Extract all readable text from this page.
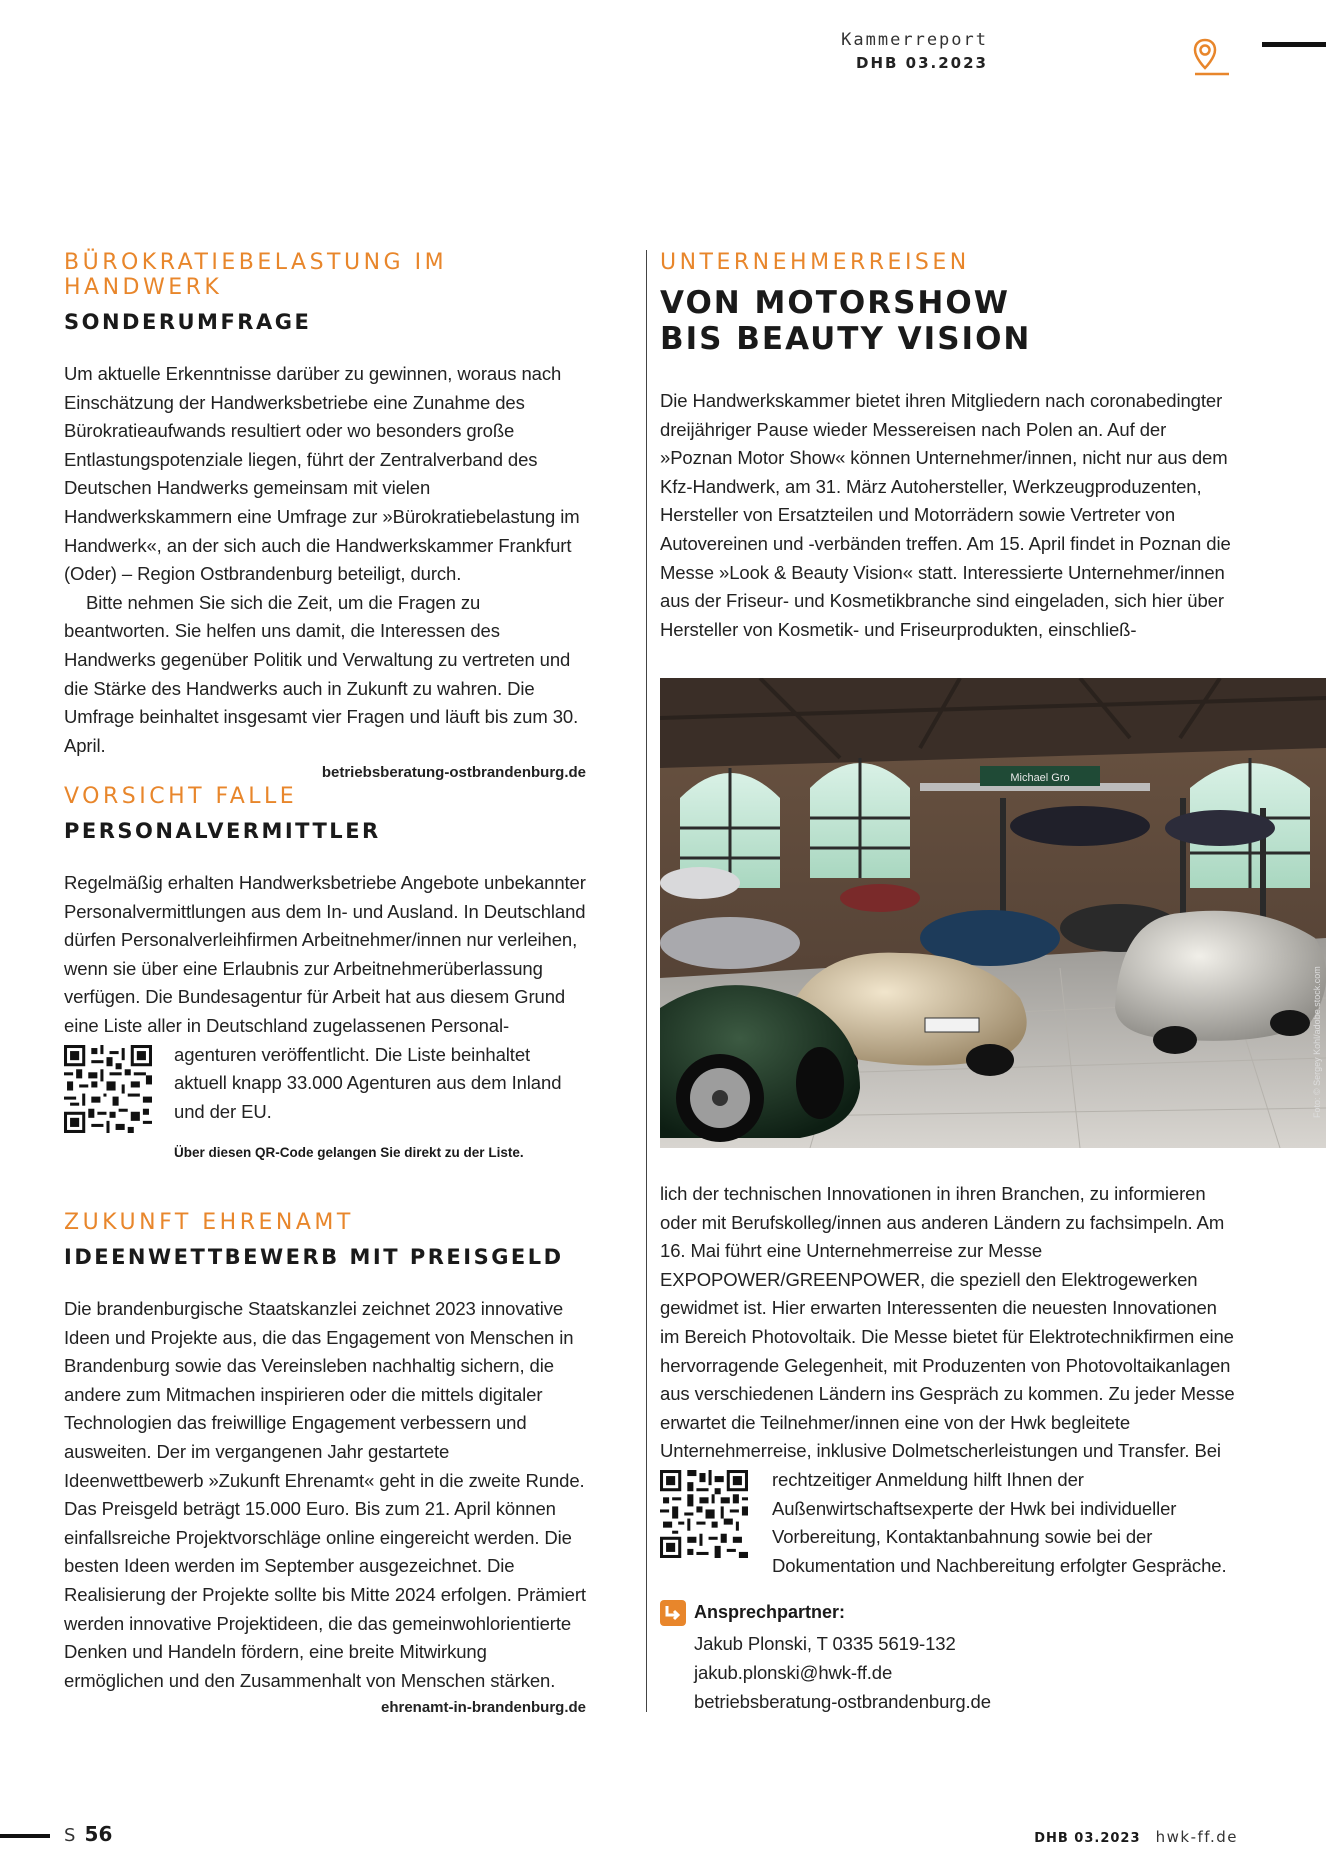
Kammerreport
DHB 03.2023
BÜROKRATIEBELASTUNG IM HANDWERK
SONDERUMFRAGE

Um aktuelle Erkenntnisse darüber zu gewinnen, woraus nach Einschätzung der Handwerksbetriebe eine Zunahme des Bürokratieaufwands resultiert oder wo besonders große Entlastungspotenziale liegen, führt der Zentralverband des Deutschen Handwerks gemeinsam mit vielen Handwerkskammern eine Umfrage zur »Bürokratiebelastung im Handwerk«, an der sich auch die Handwerkskammer Frankfurt (Oder) – Region Ostbrandenburg beteiligt, durch.

Bitte nehmen Sie sich die Zeit, um die Fragen zu beantworten. Sie helfen uns damit, die Interessen des Handwerks gegenüber Politik und Verwaltung zu vertreten und die Stärke des Handwerks auch in Zukunft zu wahren. Die Umfrage beinhaltet insgesamt vier Fragen und läuft bis zum 30. April.

betriebsberatung-ostbrandenburg.de

VORSICHT FALLE
PERSONALVERMITTLER

Regelmäßig erhalten Handwerksbetriebe Angebote unbekannter Personalvermittlungen aus dem In- und Ausland. In Deutschland dürfen Personalverleihfirmen Arbeitnehmer/innen nur verleihen, wenn sie über eine Erlaubnis zur Arbeitnehmerüberlassung verfügen. Die Bundesagentur für Arbeit hat aus diesem Grund eine Liste aller in Deutschland zugelassenen Personal-

agenturen veröffentlicht. Die Liste beinhaltet aktuell knapp 33.000 Agenturen aus dem Inland und der EU.

Über diesen QR-Code gelangen Sie direkt zu der Liste.

ZUKUNFT EHRENAMT
IDEENWETTBEWERB MIT PREISGELD

Die brandenburgische Staatskanzlei zeichnet 2023 innovative Ideen und Projekte aus, die das Engagement von Menschen in Brandenburg sowie das Vereinsleben nachhaltig sichern, die andere zum Mitmachen inspirieren oder die mittels digitaler Technologien das freiwillige Engagement verbessern und ausweiten. Der im vergangenen Jahr gestartete Ideenwettbewerb »Zukunft Ehrenamt« geht in die zweite Runde. Das Preisgeld beträgt 15.000 Euro. Bis zum 21. April können einfallsreiche Projektvorschläge online eingereicht werden. Die besten Ideen werden im September ausgezeichnet. Die Realisierung der Projekte sollte bis Mitte 2024 erfolgen. Prämiert werden innovative Projektideen, die das gemeinwohlorientierte Denken und Handeln fördern, eine breite Mitwirkung ermöglichen und den Zusammenhalt von Menschen stärken.

ehrenamt-in-brandenburg.de

UNTERNEHMERREISEN
VON MOTORSHOW BIS BEAUTY VISION

Die Handwerkskammer bietet ihren Mitgliedern nach coronabedingter dreijähriger Pause wieder Messereisen nach Polen an. Auf der »Poznan Motor Show« können Unternehmer/innen, nicht nur aus dem Kfz-Handwerk, am 31. März Autohersteller, Werkzeugproduzenten, Hersteller von Ersatzteilen und Motorrädern sowie Vertreter von Autovereinen und -verbänden treffen. Am 15. April findet in Poznan die Messe »Look & Beauty Vision« statt. Interessierte Unternehmer/innen aus der Friseur- und Kosmetikbranche sind eingeladen, sich hier über Hersteller von Kosmetik- und Friseurprodukten, einschließ-

Michael Gro
Foto: © Sergey Kohl/adobe.stock.com

lich der technischen Innovationen in ihren Branchen, zu informieren oder mit Berufskolleg/innen aus anderen Ländern zu fachsimpeln. Am 16. Mai führt eine Unternehmerreise zur Messe EXPOPOWER/GREENPOWER, die speziell den Elektrogewerken gewidmet ist. Hier erwarten Interessenten die neuesten Innovationen im Bereich Photovoltaik. Die Messe bietet für Elektrotechnikfirmen eine hervorragende Gelegenheit, mit Produzenten von Photovoltaikanlagen aus verschiedenen Ländern ins Gespräch zu kommen. Zu jeder Messe erwartet die Teilnehmer/innen eine von der Hwk begleitete Unternehmerreise, inklusive Dolmetscherleistungen und Transfer. Bei

rechtzeitiger Anmeldung hilft Ihnen der Außenwirtschaftsexperte der Hwk bei individueller Vorbereitung, Kontaktanbahnung sowie bei der Dokumentation und Nachbereitung erfolgter Gespräche.

Ansprechpartner:
Jakub Plonski, T 0335 5619-132
jakub.plonski@hwk-ff.de
betriebsberatung-ostbrandenburg.de
S 56	DHB 03.2023 hwk-ff.de
